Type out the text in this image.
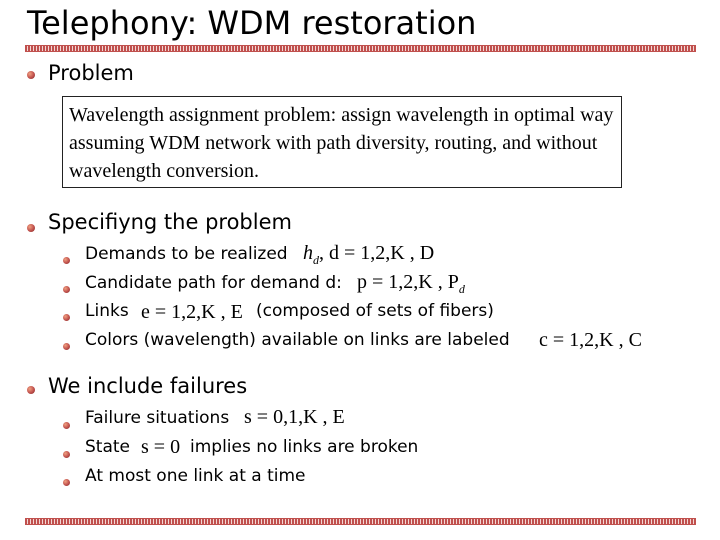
Telephony: WDM restoration
Problem
Wavelength assignment problem: assign wavelength in optimal way assuming WDM network with path diversity, routing, and without wavelength conversion.
Specifiyng the problem
Demands to be realized $h_d$, d = 1,2,K , D
Candidate path for demand d: p = 1,2,K , $P_d$
Links e = 1,2,K , E (composed of sets of fibers)
Colors (wavelength) available on links are labeled c = 1,2,K , C
We include failures
Failure situations s = 0,1,K , E
State s = 0 implies no links are broken
At most one link at a time
